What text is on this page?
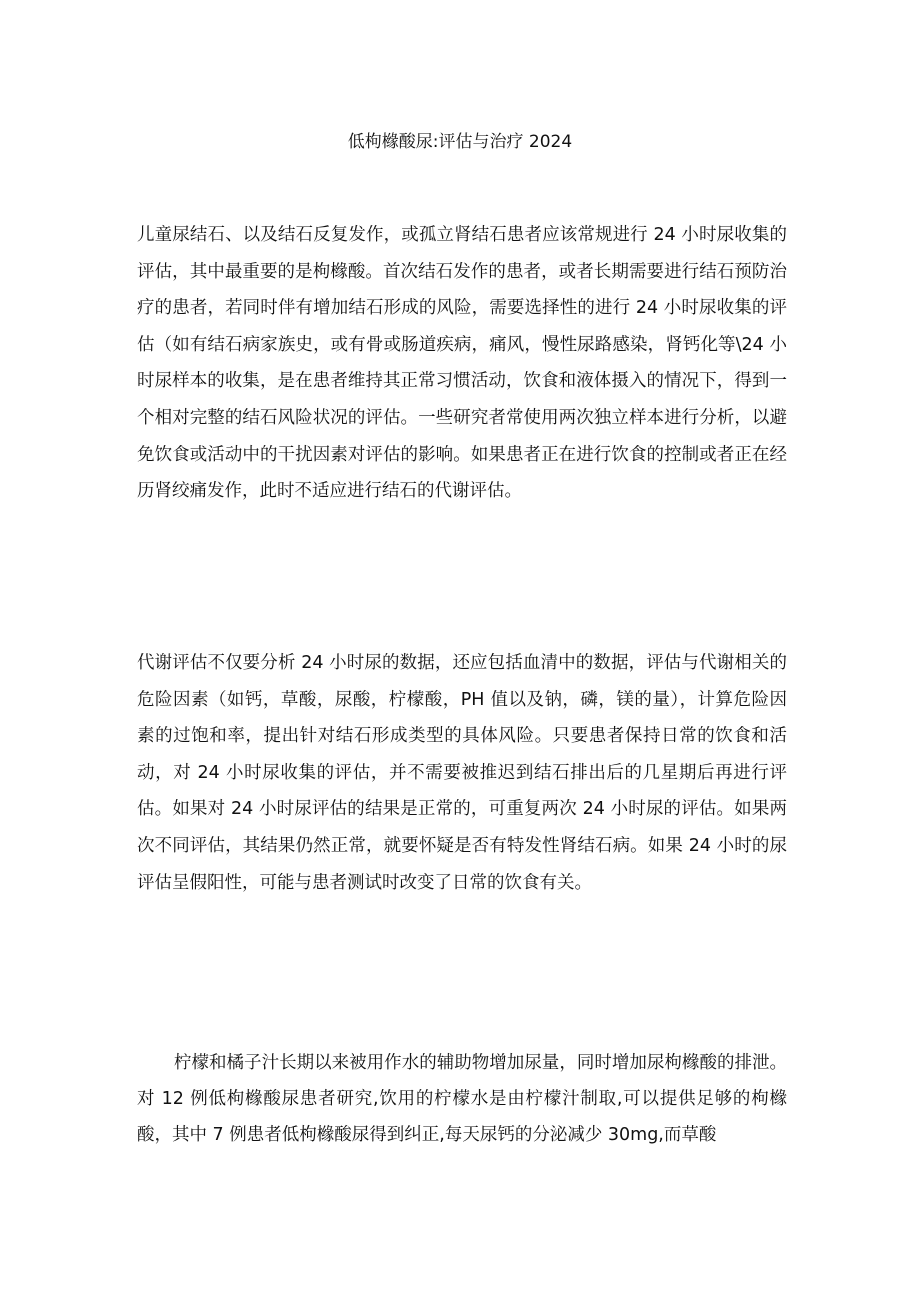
低枸橼酸尿:评估与治疗 2024

儿童尿结石、以及结石反复发作，或孤立肾结石患者应该常规进行 24 小时尿收集的评估，其中最重要的是枸橼酸。首次结石发作的患者，或者长期需要进行结石预防治疗的患者，若同时伴有增加结石形成的风险，需要选择性的进行 24 小时尿收集的评估（如有结石病家族史，或有骨或肠道疾病，痛风，慢性尿路感染，肾钙化等\24 小时尿样本的收集，是在患者维持其正常习惯活动，饮食和液体摄入的情况下，得到一个相对完整的结石风险状况的评估。一些研究者常使用两次独立样本进行分析，以避免饮食或活动中的干扰因素对评估的影响。如果患者正在进行饮食的控制或者正在经历肾绞痛发作，此时不适应进行结石的代谢评估。

代谢评估不仅要分析 24 小时尿的数据，还应包括血清中的数据，评估与代谢相关的危险因素（如钙，草酸，尿酸，柠檬酸，PH 值以及钠，磷，镁的量），计算危险因素的过饱和率，提出针对结石形成类型的具体风险。只要患者保持日常的饮食和活动，对 24 小时尿收集的评估，并不需要被推迟到结石排出后的几星期后再进行评估。如果对 24 小时尿评估的结果是正常的，可重复两次 24 小时尿的评估。如果两次不同评估，其结果仍然正常，就要怀疑是否有特发性肾结石病。如果 24 小时的尿评估呈假阳性，可能与患者测试时改变了日常的饮食有关。

柠檬和橘子汁长期以来被用作水的辅助物增加尿量，同时增加尿枸橼酸的排泄。对 12 例低枸橼酸尿患者研究,饮用的柠檬水是由柠檬汁制取,可以提供足够的枸橼酸，其中 7 例患者低枸橼酸尿得到纠正,每天尿钙的分泌减少 30mg,而草酸
